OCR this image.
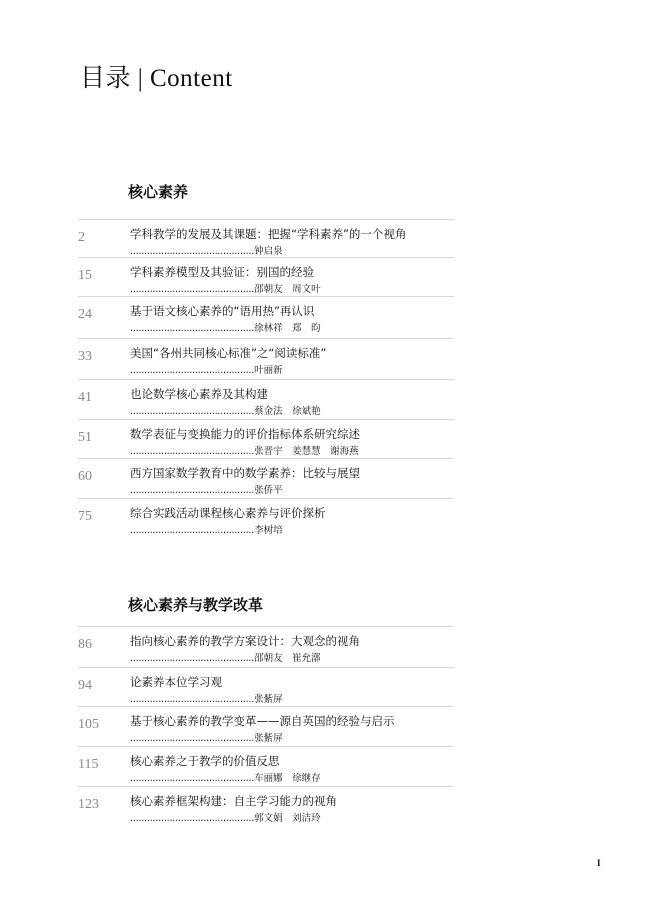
目录 | Content
核心素养
核心素养与教学改革
2	学科教学的发展及其课题：把握“学科素养”的一个视角
............................................钟启泉
15	学科素养模型及其验证：别国的经验
............................................邵朝友　周文叶
24	基于语文核心素养的“语用热”再认识
............................................徐林祥　郑　昀
33	美国“各州共同核心标准”之“阅读标准”
............................................叶丽新
41	也论数学核心素养及其构建
............................................蔡金法　徐斌艳
51	数学表征与变换能力的评价指标体系研究综述
............................................张晋宇　姜慧慧　谢海燕
60	西方国家数学教育中的数学素养：比较与展望
............................................张侨平
75	综合实践活动课程核心素养与评价探析
............................................李树培
86	指向核心素养的教学方案设计：大观念的视角
............................................邵朝友　崔允漷
94	论素养本位学习观
............................................张紫屏
105	基于核心素养的教学变革——源自英国的经验与启示
............................................张紫屏
115	核心素养之于教学的价值反思
............................................车丽娜　徐继存
123	核心素养框架构建：自主学习能力的视角
............................................郭文娟　刘洁玲
I
